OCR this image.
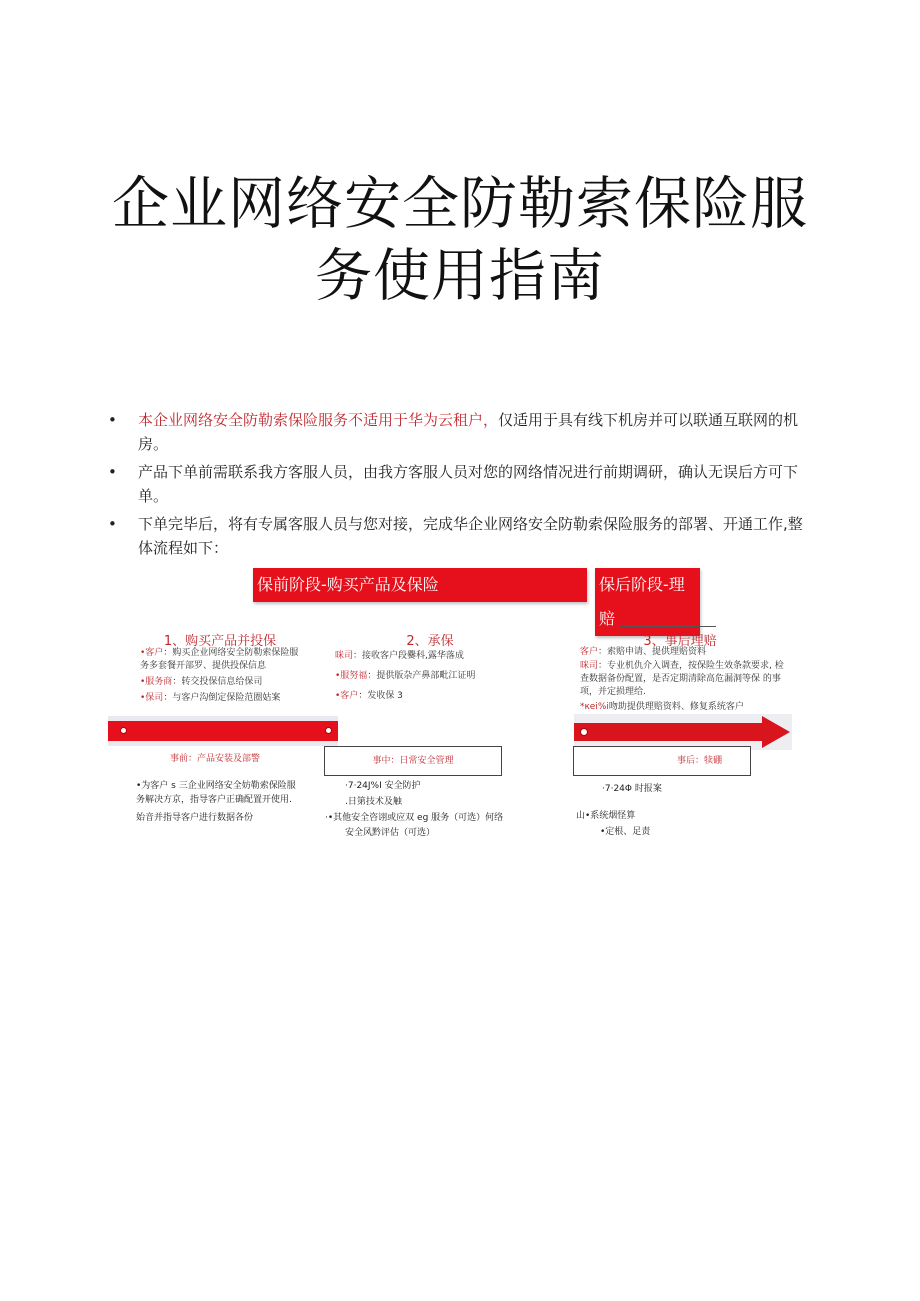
企业网络安全防勒索保险服
务使用指南
• 本企业网络安全防勒索保险服务不适用于华为云租户，仅适用于具有线下机房并可以联通互联网的机房。
• 产品下单前需联系我方客服人员，由我方客服人员对您的网络情况进行前期调研，确认无误后方可下单。
• 下单完毕后，将有专属客服人员与您对接，完成华企业网络安全防勒索保险服务的部署、开通工作,整体流程如下：
保前阶段-购买产品及保险	保后阶段-理赔
1、购买产品并投保
•客户：购买企业网络安全防勒索保险服务多套餐开部罗、提供投保信息
•服务商：转交投保信息给保司
•保司：与客户沟倒定保险范圈姑案
2、承保
咪司：接收客户段爨科,露华落成
•服努福：提供版杂产鼻部毗江证明
•客户：发收保 3
3、事后理赔
客户：索赔申请、提供理赔资料
咪司：专业机仇介入调查，按保险生效条款要求, 检查数据备份配置，是否定期清除高危漏洞等保 的事项，并定损理给.
*κei%i吻助提供理赔资料、修复系统客户
事前：产品安装及部警	事中：日常安全管理	事后：犊硼
•为客户 s 三企业网络安全妨勒索保险服务解决方京，指导客户正确配置开使用.
始音并指导客户进行数据各份
·7·24J%I 安全防护
.日第技术及触
·•其他安全咨诩或应双 eg 服务（可选）何络
安全风黔评估（可选）
·7·24Φ 时报案
山•系统烟怪算
•定根、足责
